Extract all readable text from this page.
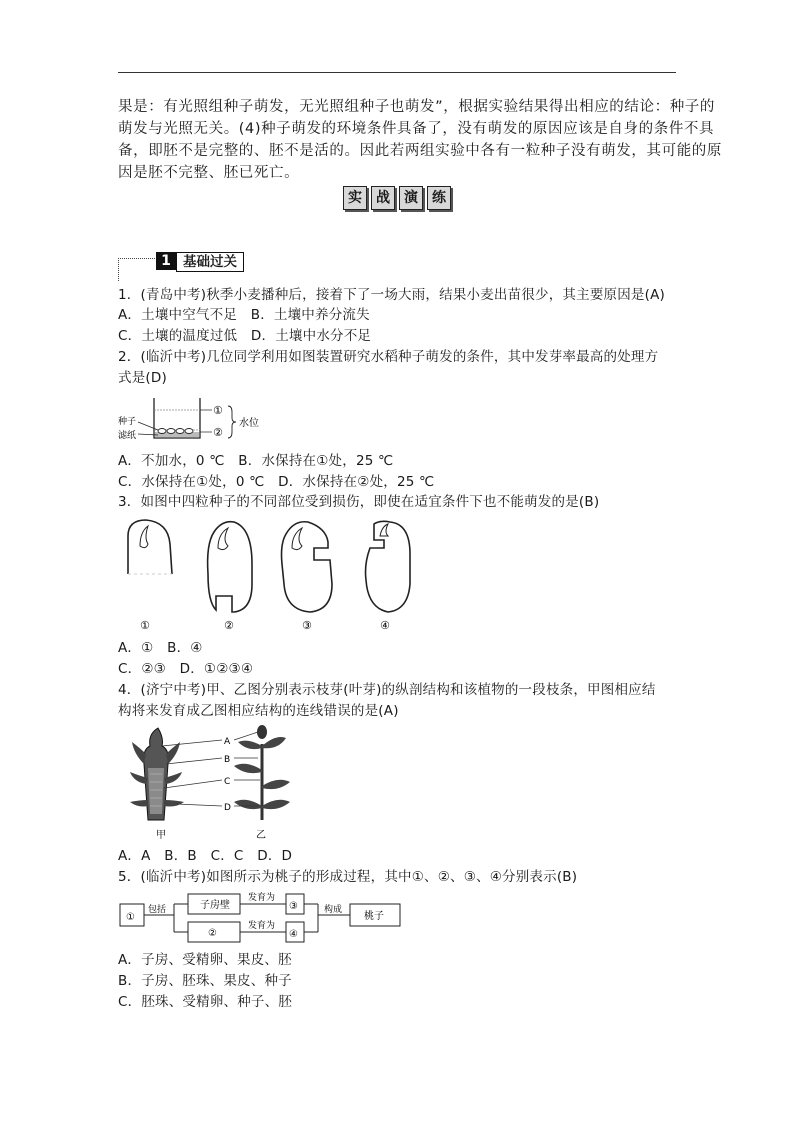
果是：有光照组种子萌发，无光照组种子也萌发”，根据实验结果得出相应的结论：种子的
萌发与光照无关。(4)种子萌发的环境条件具备了，没有萌发的原因应该是自身的条件不具
备，即胚不是完整的、胚不是活的。因此若两组实验中各有一粒种子没有萌发，其可能的原
因是胚不完整、胚已死亡。
实	战	演	练
1 基础过关
1．(青岛中考)秋季小麦播种后，接着下了一场大雨，结果小麦出苗很少，其主要原因是(A)
A．土壤中空气不足　B．土壤中养分流失
C．土壤的温度过低　D．土壤中水分不足
2．(临沂中考)几位同学利用如图装置研究水稻种子萌发的条件，其中发芽率最高的处理方
式是(D)
种子
滤纸
①
②
水位
A．不加水，0 ℃　B．水保持在①处，25 ℃
C．水保持在①处，0 ℃　D．水保持在②处，25 ℃
3．如图中四粒种子的不同部位受到损伤，即使在适宜条件下也不能萌发的是(B)
①	②	③	④
A．①　B．④
C．②③　D．①②③④
4．(济宁中考)甲、乙图分别表示枝芽(叶芽)的纵剖结构和该植物的一段枝条，甲图相应结
构将来发育成乙图相应结构的连线错误的是(A)
A
B
C
D
甲	乙
A．A　B．B　C．C　D．D
5．(临沂中考)如图所示为桃子的形成过程，其中①、②、③、④分别表示(B)
①
包括	子房壁
发育为
③	构成
桃子
②
发育为
④
A．子房、受精卵、果皮、胚
B．子房、胚珠、果皮、种子
C．胚珠、受精卵、种子、胚
